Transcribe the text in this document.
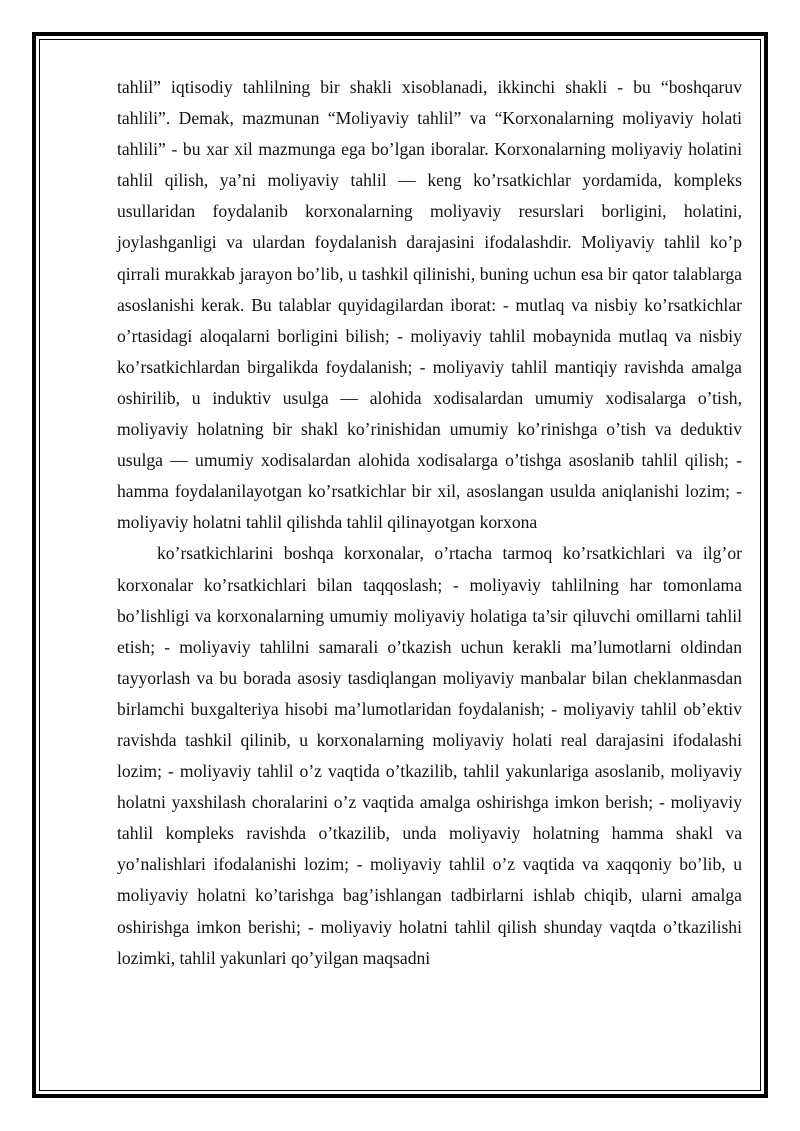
tahlil” iqtisodiy tahlilning bir shakli xisoblanadi, ikkinchi shakli - bu “boshqaruv tahlili”. Demak, mazmunan “Moliyaviy tahlil” va “Korxonalarning moliyaviy holati tahlili” - bu xar xil mazmunga ega bo’lgan iboralar. Korxonalarning moliyaviy holatini tahlil qilish, ya’ni moliyaviy tahlil — keng ko’rsatkichlar yordamida, kompleks usullaridan foydalanib korxonalarning moliyaviy resurslari borligini, holatini, joylashganligi va ulardan foydalanish darajasini ifodalashdir. Moliyaviy tahlil ko’p qirrali murakkab jarayon bo’lib, u tashkil qilinishi, buning uchun esa bir qator talablarga asoslanishi kerak. Bu talablar quyidagilardan iborat: - mutlaq va nisbiy ko’rsatkichlar o’rtasidagi aloqalarni borligini bilish; - moliyaviy tahlil mobaynida mutlaq va nisbiy ko’rsatkichlardan birgalikda foydalanish; - moliyaviy tahlil mantiqiy ravishda amalga oshirilib, u induktiv usulga — alohida xodisalardan umumiy xodisalarga o’tish, moliyaviy holatning bir shakl ko’rinishidan umumiy ko’rinishga o’tish va deduktiv usulga — umumiy xodisalardan alohida xodisalarga o’tishga asoslanib tahlil qilish; - hamma foydalanilayotgan ko’rsatkichlar bir xil, asoslangan usulda aniqlanishi lozim; - moliyaviy holatni tahlil qilishda tahlil qilinayotgan korxona

ko’rsatkichlarini boshqa korxonalar, o’rtacha tarmoq ko’rsatkichlari va ilg’or korxonalar ko’rsatkichlari bilan taqqoslash; - moliyaviy tahlilning har tomonlama bo’lishligi va korxonalarning umumiy moliyaviy holatiga ta’sir qiluvchi omillarni tahlil etish; - moliyaviy tahlilni samarali o’tkazish uchun kerakli ma’lumotlarni oldindan tayyorlash va bu borada asosiy tasdiqlangan moliyaviy manbalar bilan cheklanmasdan birlamchi buxgalteriya hisobi ma’lumotlaridan foydalanish; - moliyaviy tahlil ob’ektiv ravishda tashkil qilinib, u korxonalarning moliyaviy holati real darajasini ifodalashi lozim; - moliyaviy tahlil o’z vaqtida o’tkazilib, tahlil yakunlariga asoslanib, moliyaviy holatni yaxshilash choralarini o’z vaqtida amalga oshirishga imkon berish; - moliyaviy tahlil kompleks ravishda o’tkazilib, unda moliyaviy holatning hamma shakl va yo’nalishlari ifodalanishi lozim; - moliyaviy tahlil o’z vaqtida va xaqqoniy bo’lib, u moliyaviy holatni ko’tarishga bag’ishlangan tadbirlarni ishlab chiqib, ularni amalga oshirishga imkon berishi; - moliyaviy holatni tahlil qilish shunday vaqtda o’tkazilishi lozimki, tahlil yakunlari qo’yilgan maqsadni
